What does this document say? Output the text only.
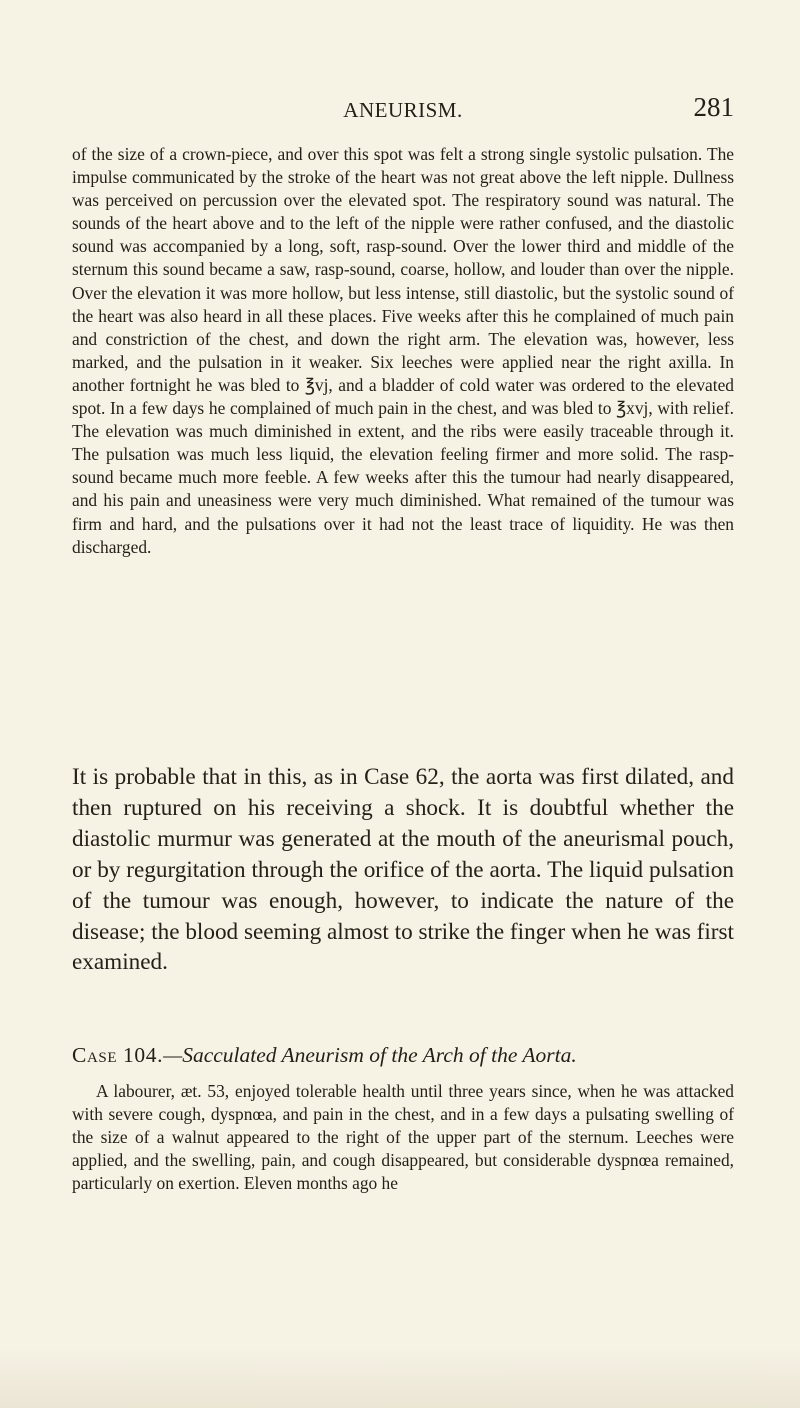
ANEURISM.	281

of the size of a crown-piece, and over this spot was felt a strong single systolic pulsation. The impulse communicated by the stroke of the heart was not great above the left nipple. Dullness was perceived on percussion over the elevated spot. The respiratory sound was natural. The sounds of the heart above and to the left of the nipple were rather confused, and the diastolic sound was accompanied by a long, soft, rasp-sound. Over the lower third and middle of the sternum this sound became a saw, rasp-sound, coarse, hollow, and louder than over the nipple. Over the elevation it was more hollow, but less intense, still diastolic, but the systolic sound of the heart was also heard in all these places. Five weeks after this he complained of much pain and constriction of the chest, and down the right arm. The elevation was, however, less marked, and the pulsation in it weaker. Six leeches were applied near the right axilla. In another fortnight he was bled to ℥vj, and a bladder of cold water was ordered to the elevated spot. In a few days he complained of much pain in the chest, and was bled to ℥xvj, with relief. The elevation was much diminished in extent, and the ribs were easily traceable through it. The pulsation was much less liquid, the elevation feeling firmer and more solid. The rasp-sound became much more feeble. A few weeks after this the tumour had nearly disappeared, and his pain and uneasiness were very much diminished. What remained of the tumour was firm and hard, and the pulsations over it had not the least trace of liquidity. He was then discharged.

It is probable that in this, as in Case 62, the aorta was first dilated, and then ruptured on his receiving a shock. It is doubtful whether the diastolic murmur was generated at the mouth of the aneurismal pouch, or by regurgitation through the orifice of the aorta. The liquid pulsation of the tumour was enough, however, to indicate the nature of the disease; the blood seeming almost to strike the finger when he was first examined.

Case 104.—Sacculated Aneurism of the Arch of the Aorta.

A labourer, æt. 53, enjoyed tolerable health until three years since, when he was attacked with severe cough, dyspnœa, and pain in the chest, and in a few days a pulsating swelling of the size of a walnut appeared to the right of the upper part of the sternum. Leeches were applied, and the swelling, pain, and cough disappeared, but considerable dyspnœa remained, particularly on exertion. Eleven months ago he
